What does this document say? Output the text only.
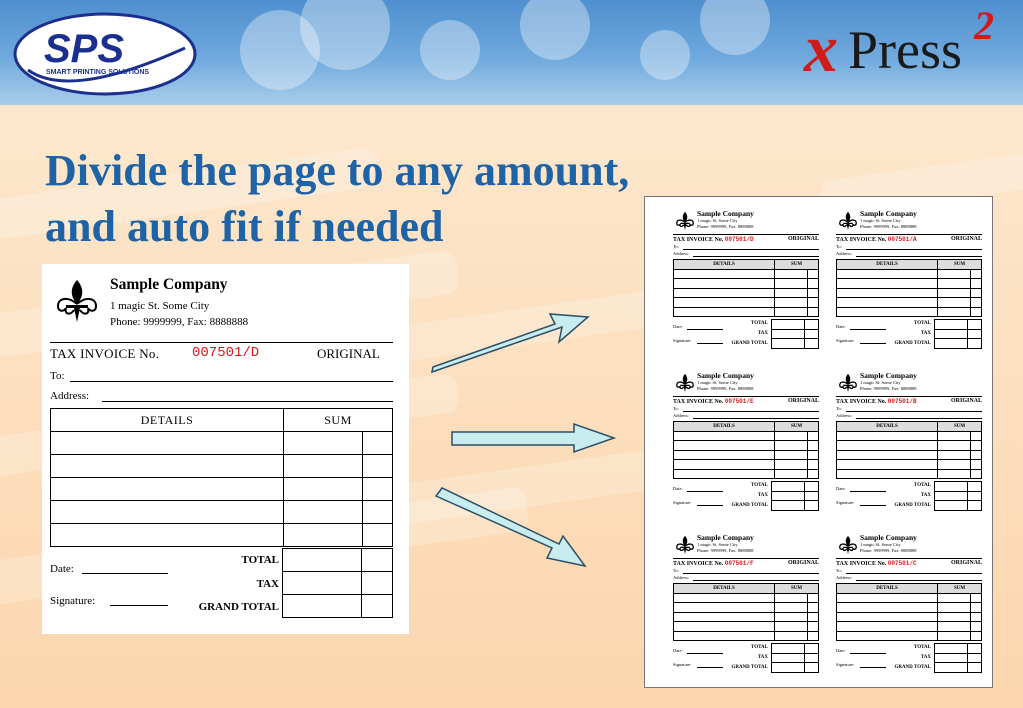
SPS
SMART PRINTING SOLUTIONS	x Press 2
Divide the page to any amount,
and auto fit if needed
Sample Company
1 magic St. Some City
Phone: 9999999, Fax: 8888888
TAX INVOICE No. 007501/D	ORIGINAL
To:
Address:
DETAILS	SUM	

TOTAL
TAX
GRAND TOTAL
Date:
Signature:
Sample Company
1 magic St. Some City
Phone: 9999999, Fax: 8888888
TAX INVOICE No. 007501/D	ORIGINAL
To:
Address:
DETAILS	SUM	

TOTAL
TAX
GRAND TOTAL
Date:
Signature:
Sample Company
1 magic St. Some City
Phone: 9999999, Fax: 8888888
TAX INVOICE No. 007501/A	ORIGINAL
To:
Address:
DETAILS	SUM	

TOTAL
TAX
GRAND TOTAL
Date:
Signature:
Sample Company
1 magic St. Some City
Phone: 9999999, Fax: 8888888
TAX INVOICE No. 007501/E	ORIGINAL
To:
Address:
DETAILS	SUM	

TOTAL
TAX
GRAND TOTAL
Date:
Signature:
Sample Company
1 magic St. Some City
Phone: 9999999, Fax: 8888888
TAX INVOICE No. 007501/B	ORIGINAL
To:
Address:
DETAILS	SUM	

TOTAL
TAX
GRAND TOTAL
Date:
Signature:
Sample Company
1 magic St. Some City
Phone: 9999999, Fax: 8888888
TAX INVOICE No. 007501/F	ORIGINAL
To:
Address:
DETAILS	SUM	

TOTAL
TAX
GRAND TOTAL
Date:
Signature:
Sample Company
1 magic St. Some City
Phone: 9999999, Fax: 8888888
TAX INVOICE No. 007501/C	ORIGINAL
To:
Address:
DETAILS	SUM	

TOTAL
TAX
GRAND TOTAL
Date:
Signature:
